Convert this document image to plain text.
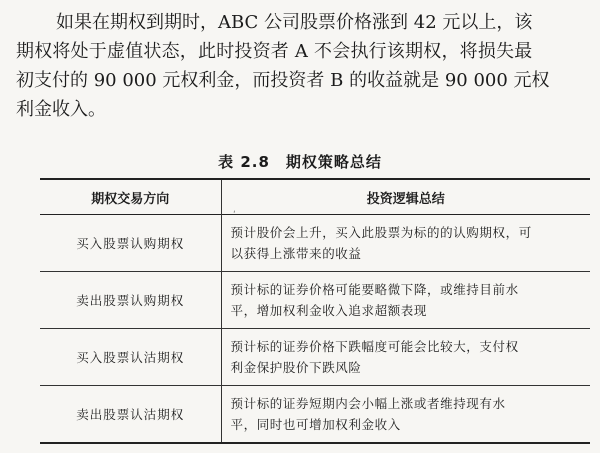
如果在期权到期时，ABC 公司股票价格涨到 42 元以上，该
期权将处于虚值状态，此时投资者 A 不会执行该期权，将损失最
初支付的 90 000 元权利金，而投资者 B 的收益就是 90 000 元权
利金收入。

表 2.8　期权策略总结
期权交易方向	投资逻辑总结
买入股票认购期权	预计股价会上升，买入此股票为标的的认购期权，可
以获得上涨带来的收益

卖出股票认购期权	预计标的证券价格可能要略微下降，或维持目前水
平，增加权利金收入追求超额表现

买入股票认沽期权	预计标的证券价格下跌幅度可能会比较大，支付权
利金保护股价下跌风险

卖出股票认沽期权	预计标的证券短期内会小幅上涨或者维持现有水
平，同时也可增加权利金收入
‘
